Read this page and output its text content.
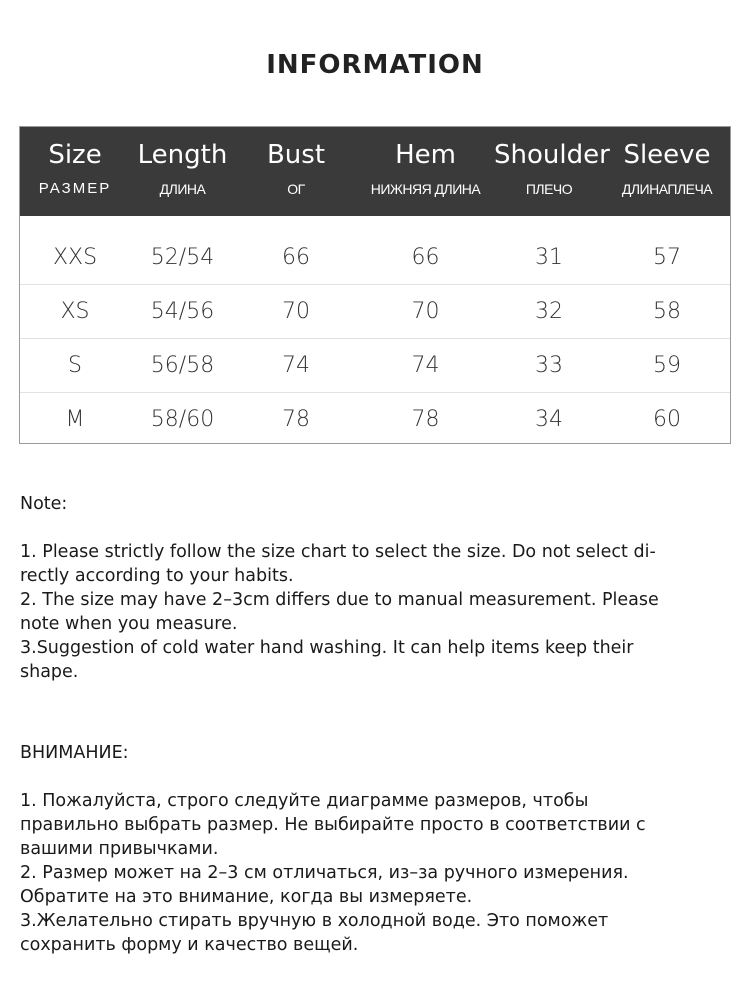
INFORMATION
Size
РАЗМЕР
Length
ДЛИНА
Bust
ОГ
Hem
НИЖНЯЯ ДЛИНА
Shoulder
ПЛЕЧО
Sleeve
ДЛИНАПЛЕЧА
XXS	52/54	66	66	31	57
XS	54/56	70	70	32	58
S	56/58	74	74	33	59
M	58/60	78	78	34	60

Note:

1. Please strictly follow the size chart to select the size. Do not select di-

rectly according to your habits.

2. The size may have 2–3cm differs due to manual measurement. Please

note when you measure.

3.Suggestion of cold water hand washing. It can help items keep their

shape.

ВНИМАНИЕ:

1. Пожалуйста, строго следуйте диаграмме размеров, чтобы

правильно выбрать размер. Не выбирайте просто в соответствии с

вашими привычками.

2. Размер может на 2–3 см отличаться, из–за ручного измерения.

Обратите на это внимание, когда вы измеряете.

3.Желательно стирать вручную в холодной воде. Это поможет

сохранить форму и качество вещей.
